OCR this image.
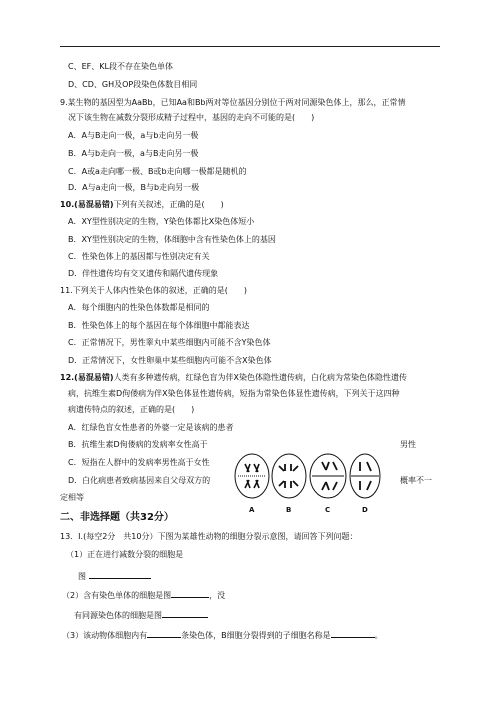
C、EF、KL段不存在染色单体
D、CD、GH及OP段染色体数目相同
9.某生物的基因型为AaBb，已知Aa和Bb两对等位基因分别位于两对同源染色体上，那么，正常情
况下该生物在减数分裂形成精子过程中，基因的走向不可能的是(　　)
A．A与B走向一极，a与b走向另一极
B．A与b走向一极，a与B走向另一极
C．A或a走向哪一极、B或b走向哪一极都是随机的
D．A与a走向一极，B与b走向另一极
10.(易混易错)下列有关叙述，正确的是(　　)
A．XY型性别决定的生物，Y染色体都比X染色体短小
B．XY型性别决定的生物，体细胞中含有性染色体上的基因
C．性染色体上的基因都与性别决定有关
D．伴性遗传均有交叉遗传和隔代遗传现象
11.下列关于人体内性染色体的叙述，正确的是(　　)
A．每个细胞内的性染色体数都是相同的
B．性染色体上的每个基因在每个体细胞中都能表达
C．正常情况下，男性睾丸中某些细胞内可能不含Y染色体
D．正常情况下，女性卵巢中某些细胞内可能不含X染色体
12.(易混易错)人类有多种遗传病，红绿色盲为伴X染色体隐性遗传病，白化病为常染色体隐性遗传
病，抗维生素D佝偻病为伴X染色体显性遗传病，短指为常染色体显性遗传病，下列关于这四种
病遗传特点的叙述，正确的是(　　)
A．红绿色盲女性患者的外婆一定是该病的患者
B．抗维生素D佝偻病的发病率女性高于	男性
C．短指在人群中的发病率男性高于女性
D．白化病患者致病基因来自父母双方的	概率不一
定相等
A	B	C	D
二、非选择题（共32分）
13．Ⅰ.(每空2分　共10分）下图为某雄性动物的细胞分裂示意图，请回答下列问题：
（1）正在进行减数分裂的细胞是
图
（2）含有染色单体的细胞是图	，没
有同源染色体的细胞是图
（3）该动物体细胞内有	条染色体，B细胞分裂得到的子细胞名称是	。
